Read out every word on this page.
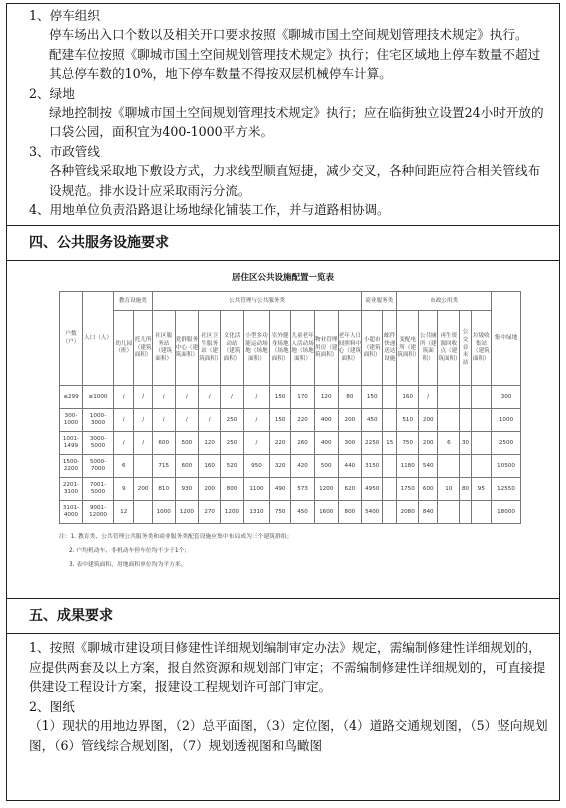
1、停车组织
停车场出入口个数以及相关开口要求按照《聊城市国土空间规划管理技术规定》执行。
配建车位按照《聊城市国土空间规划管理技术规定》执行；住宅区域地上停车数量不超过其总停车数的10%，地下停车数量不得按双层机械停车计算。
2、绿地
绿地控制按《聊城市国土空间规划管理技术规定》执行；应在临街独立设置24小时开放的口袋公园，面积宜为400-1000平方米。
3、市政管线
各种管线采取地下敷设方式，力求线型顺直短捷，减少交叉，各种间距应符合相关管线布设规范。排水设计应采取雨污分流。
4、用地单位负责沿路退让场地绿化铺装工作，并与道路相协调。
四、公共服务设施要求
居住区公共设施配置一览表
户数（户）	人口（人）	教育设施类		公共管理与公共服务类									商业服务类		市政公用类					集中绿地
		幼儿园（班）	托儿所（建筑面积）	社区服务站（建筑面积）	党群服务中心（建筑面积）	社区卫生服务站（建筑面积）	文化活动站（建筑面积）	小型多功能运动场地（场地面积）	室外健身场地（场地面积）	儿童老年人活动场地（场地面积）	物业管理用房（建筑面积）	老年人日间照料中心（建筑面积）	小超市（建筑面积）	邮件快递送达设施	变配电所（建筑面积）	公共厕所（建筑面积）	再生资源回收点（建筑面积）	公交首末站	垃圾收集站（建筑面积）	
≤299	≤1000	/	/	/	/	/	/	/	150	170	120	80	150		160	/				300
300-1000	1000-3000	/	/	/	/	/	250	/	150	220	400	200	450		510	200				1000
1001-1499	3000-5000	/	/	600	500	120	250	/	220	260	400	300	2250	15	750	200	6	30		2500
1500-2200	5000-7000	6		715	600	160	520	950	320	420	500	440	3150		1180	540				10500
2201-3100	7001-5000	9	200	810	930	200	800	1100	490	573	1200	620	4950		1750	600	10	80	95	12550
3101-4000	9001-12000	12		1000	1200	270	1200	1310	750	450	1600	800	5400		2080	840				18000
注：1. 教育类、公共管理公共服务类和商业服务类配套设施应集中布局成为三个建筑群组；
2. 户均机动车、非机动车停车位均不少于1个；
3. 表中建筑面积、用地面积单位均为平方米。
五、成果要求
1、按照《聊城市建设项目修建性详细规划编制审定办法》规定，需编制修建性详细规划的，应提供两套及以上方案，报自然资源和规划部门审定；不需编制修建性详细规划的，可直接提供建设工程设计方案，报建设工程规划许可部门审定。
2、图纸
（1）现状的用地边界图，（2）总平面图，（3）定位图，（4）道路交通规划图，（5）竖向规划图，（6）管线综合规划图，（7）规划透视图和鸟瞰图
